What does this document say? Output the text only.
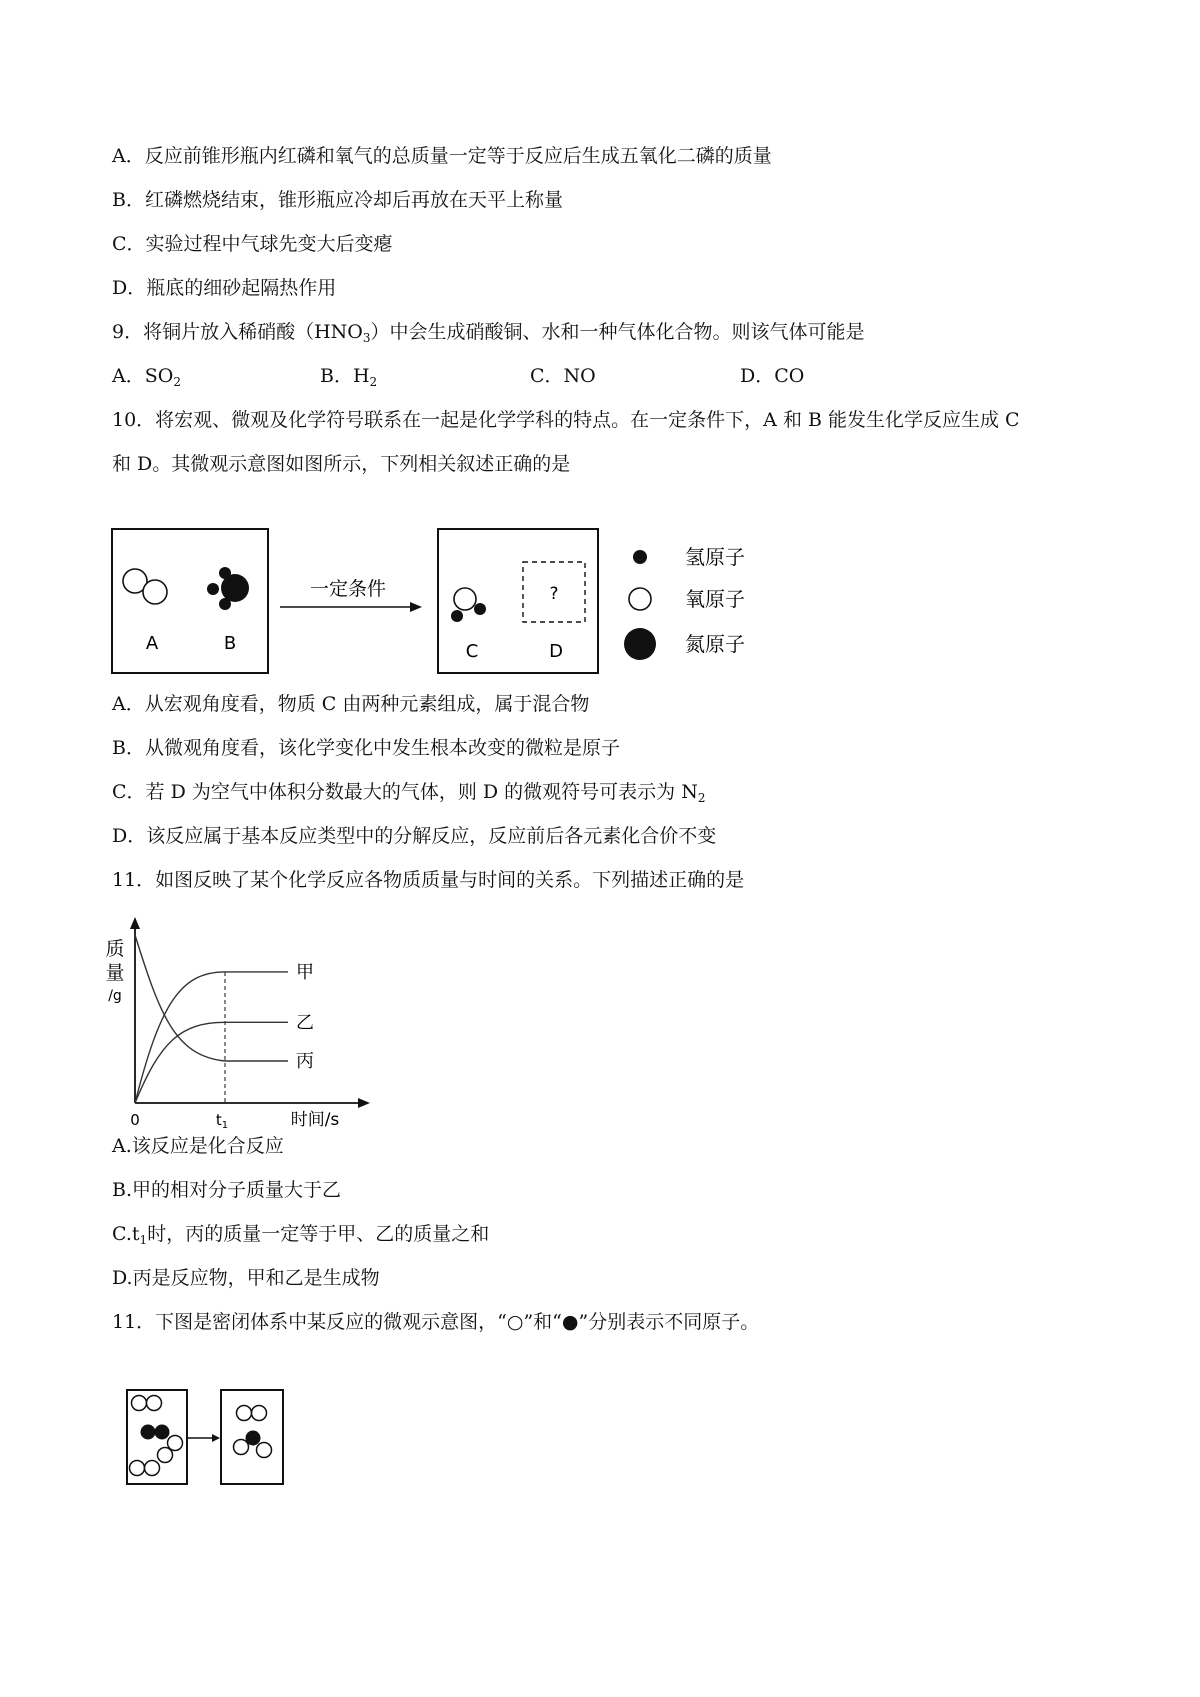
A．反应前锥形瓶内红磷和氧气的总质量一定等于反应后生成五氧化二磷的质量
B．红磷燃烧结束，锥形瓶应冷却后再放在天平上称量
C．实验过程中气球先变大后变瘪
D．瓶底的细砂起隔热作用
9．将铜片放入稀硝酸$(HNO_3)$中会生成硝酸铜、水和一种气体化合物。则该气体可能是
A．$SO_2$	B．$H_2$	C．NO	D．CO
10．将宏观、微观及化学符号联系在一起是化学学科的特点。在一定条件下，A 和 B 能发生化学反应生成 C
和 D。其微观示意图如图所示，下列相关叙述正确的是
A	B
一定条件	?
C	D
氢原子
氧原子
氮原子
A．从宏观角度看，物质 C 由两种元素组成，属于混合物
B．从微观角度看，该化学变化中发生根本改变的微粒是原子
C．若 D 为空气中体积分数最大的气体，则 D 的微观符号可表示为 $N_2$
D．该反应属于基本反应类型中的分解反应，反应前后各元素化合价不变
11．如图反映了某个化学反应各物质质量与时间的关系。下列描述正确的是
质
量
/g
0	$t_1$	时间/s
甲
乙
丙
A.该反应是化合反应
B.甲的相对分子质量大于乙
$C.t_1$时，丙的质量一定等于甲、乙的质量之和
D.丙是反应物，甲和乙是生成物
11．下图是密闭体系中某反应的微观示意图，“○”和“●”分别表示不同原子。
